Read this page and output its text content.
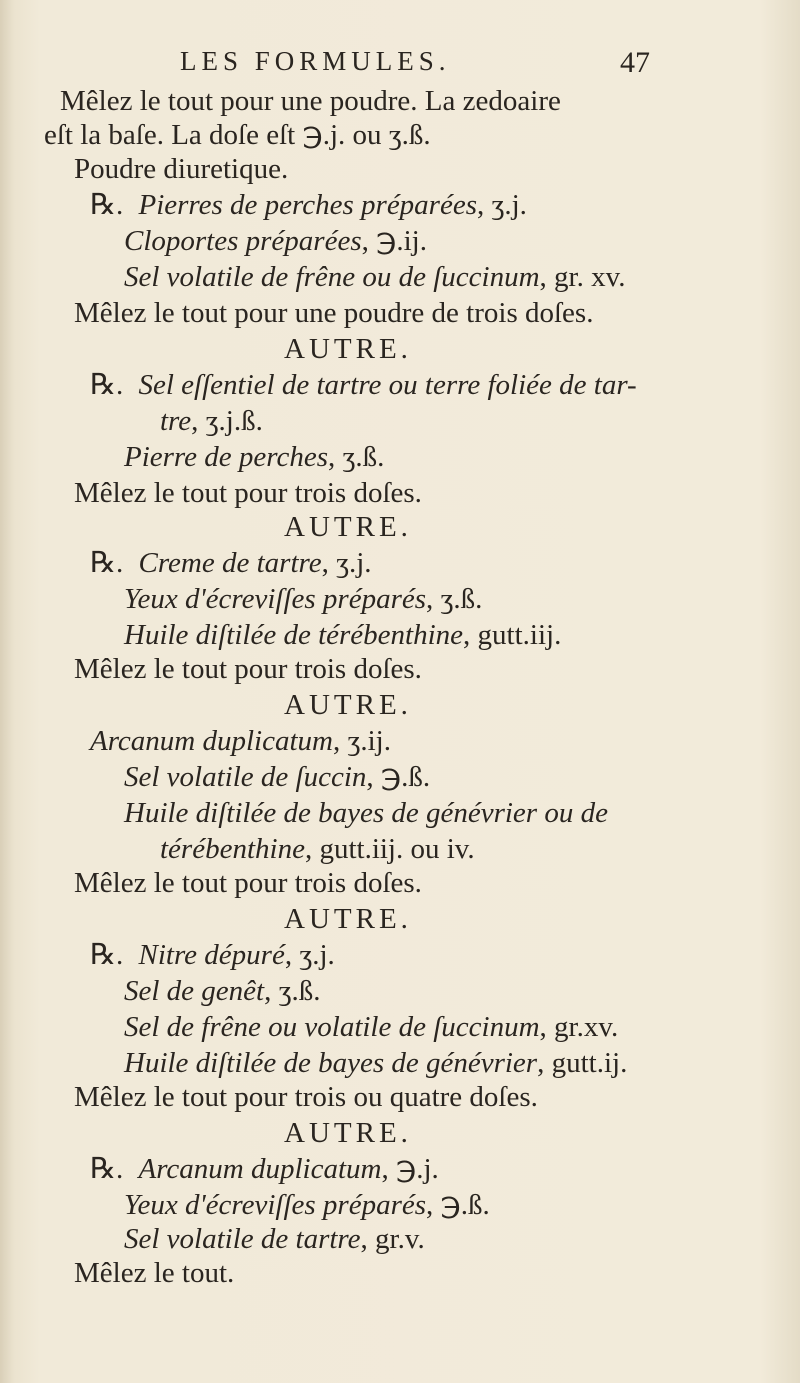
LES FORMULES.	47
Mêlez le tout pour une poudre. La zedoaire
eſt la baſe. La doſe eſt ℈.j. ou ʒ.ß.
Poudre diuretique.
℞. Pierres de perches préparées, ʒ.j.
Cloportes préparées, ℈.ij.
Sel volatile de frêne ou de ſuccinum, gr. xv.
Mêlez le tout pour une poudre de trois doſes.
AUTRE.
℞. Sel eſſentiel de tartre ou terre foliée de tar-
tre, ʒ.j.ß.
Pierre de perches, ʒ.ß.
Mêlez le tout pour trois doſes.
AUTRE.
℞. Creme de tartre, ʒ.j.
Yeux d'écreviſſes préparés, ʒ.ß.
Huile diſtilée de térébenthine, gutt.iij.
Mêlez le tout pour trois doſes.
AUTRE.
Arcanum duplicatum, ʒ.ij.
Sel volatile de ſuccin, ℈.ß.
Huile diſtilée de bayes de génévrier ou de
térébenthine, gutt.iij. ou iv.
Mêlez le tout pour trois doſes.
AUTRE.
℞. Nitre dépuré, ʒ.j.
Sel de genêt, ʒ.ß.
Sel de frêne ou volatile de ſuccinum, gr.xv.
Huile diſtilée de bayes de génévrier, gutt.ij.
Mêlez le tout pour trois ou quatre doſes.
AUTRE.
℞. Arcanum duplicatum, ℈.j.
Yeux d'écreviſſes préparés, ℈.ß.
Sel volatile de tartre, gr.v.
Mêlez le tout.
